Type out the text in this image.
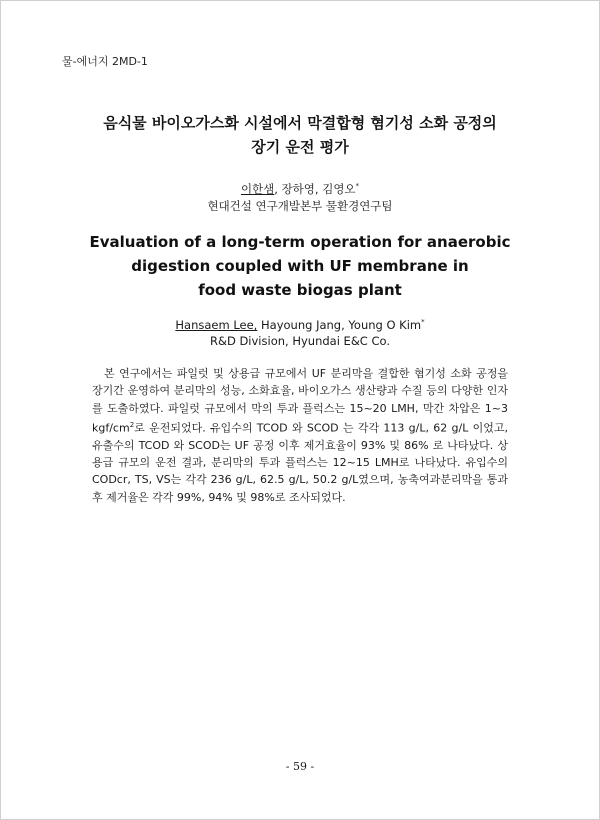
물-에너지 2MD-1
음식물 바이오가스화 시설에서 막결합형 혐기성 소화 공정의
장기 운전 평가
이한샘, 장하영, 김영오*
현대건설 연구개발본부 물환경연구팀
Evaluation of a long-term operation for anaerobic
digestion coupled with UF membrane in
food waste biogas plant
Hansaem Lee, Hayoung Jang, Young O Kim*
R&D Division, Hyundai E&C Co.

본 연구에서는 파일럿 및 상용급 규모에서 UF 분리막을 결합한 혐기성 소화 공정을 장기간 운영하여 분리막의 성능, 소화효율, 바이오가스 생산량과 수질 등의 다양한 인자를 도출하였다. 파일럿 규모에서 막의 투과 플럭스는 15~20 LMH, 막간 차압은 1~3 kgf/$cm^2$로 운전되었다. 유입수의 TCOD 와 SCOD 는 각각 113 g/L, 62 g/L 이었고, 유출수의 TCOD 와 SCOD는 UF 공정 이후 제거효율이 93% 및 86% 로 나타났다. 상용급 규모의 운전 결과, 분리막의 투과 플럭스는 12~15 LMH로 나타났다. 유입수의 CODcr, TS, VS는 각각 236 g/L, 62.5 g/L, 50.2 g/L였으며, 농축여과분리막을 통과 후 제거율은 각각 99%, 94% 및 98%로 조사되었다.

- 59 -
